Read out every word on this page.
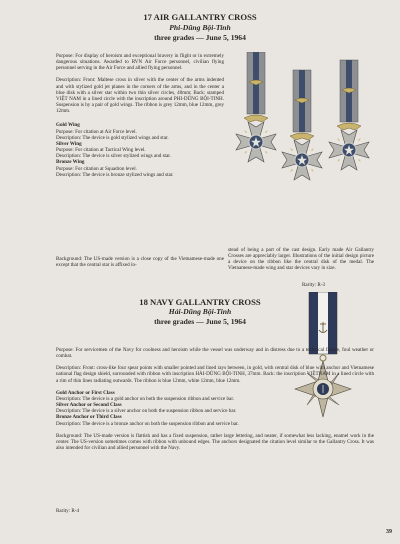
17 AIR GALLANTRY CROSS
Phi-Dũng Bội-Tinh
three grades — June 5, 1964

Purpose: For display of heroism and exceptional bravery in flight or in extremely dangerous situations. Awarded to RVN Air Force personnel, civilian flying personnel serving in the Air Force and allied flying personnel.

Description: Front: Maltese cross in silver with the center of the arms indented and with stylized gold jet planes in the corners of the arms, and in the center a blue disk with a silver star within two thin silver circles, 40mm; Back: stamped VIỆT NAM in a lined circle with the inscription around PHI-DŨNG BỘI-TINH. Suspension is by a pair of gold wings. The ribbon is grey 12mm, blue 12mm, grey 12mm.

Gold Wing
Purpose: For citation at Air Force level.
Description: The device is gold stylized wings and star.
Silver Wing
Purpose: For citation at Tactical Wing level.
Description: The device is silver stylized wings and star.
Bronze Wing
Purpose: For citation at Squadron level.
Description: The device is bronze stylized wings and star.
Background: The US-made version is a close copy of the Vietnamese-made one except that the central star is affixed in-
stead of being a part of the cast design. Early made Air Gallantry Crosses are appreciably larger. Illustrations of the initial design picture a device on the ribbon like the central disk of the medal. The Vietnamese-made wing and star devices vary in size.
Rarity: R-3
18 NAVY GALLANTRY CROSS
Hải-Dũng Bội-Tinh
three grades — June 5, 1964

Purpose: For servicemen of the Navy for coolness and heroism while the vessel was underway and in distress due to a technical failure, foul weather or combat.

Description: Front: cross-like four spear points with smaller pointed and lined rays between, in gold, with central disk of blue with anchor and Vietnamese national flag design shield, surrounded with ribbon with inscription HẢI-DŨNG BỘI-TINH, 37mm. Back: the inscription VIỆTNAM in a lined circle with a rim of thin lines radiating outwards. The ribbon is blue 12mm, white 12mm, blue 12mm.

Gold Anchor or First Class
Description: The device is a gold anchor on both the suspension ribbon and service bar.
Silver Anchor or Second Class
Description: The device is a silver anchor on both the suspension ribbon and service bar.
Bronze Anchor or Third Class
Description: The device is a bronze anchor on both the suspension ribbon and service bar.

Background: The US-made version is flattish and has a fixed suspension, rather large lettering, and neater, if somewhat less lacking, enamel work in the center. The US-version sometimes comes with ribbon with unbound edges. The anchors designated the citation level similar to the Gallantry Cross. It was also intended for civilian and allied personnel with the Navy.

Rarity: R-4
39
